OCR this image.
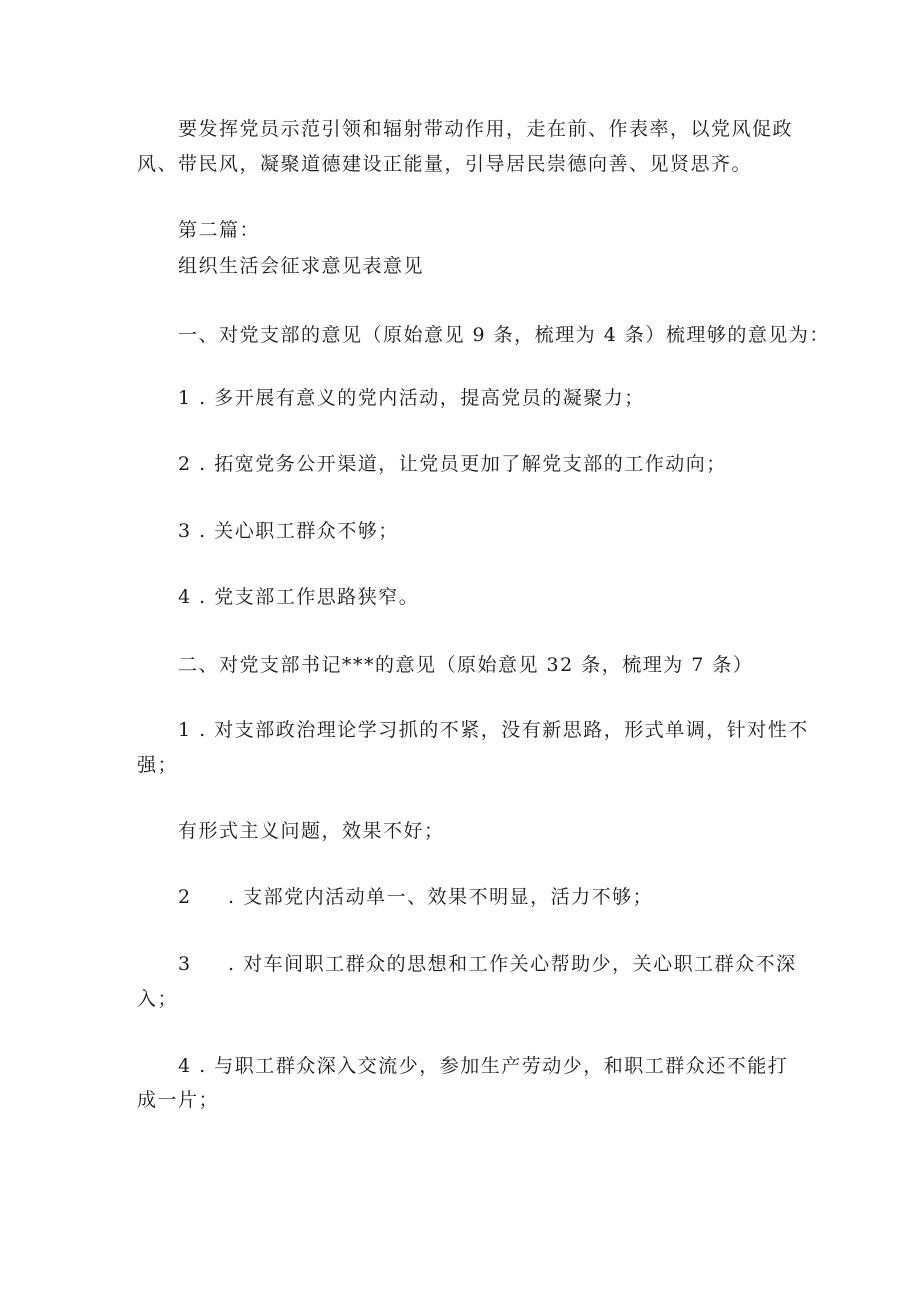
要发挥党员示范引领和辐射带动作用，走在前、作表率，以党风促政
风、带民风，凝聚道德建设正能量，引导居民崇德向善、见贤思齐。
第二篇：
组织生活会征求意见表意见
一、对党支部的意见（原始意见 9 条，梳理为 4 条）梳理够的意见为：
1 . 多开展有意义的党内活动，提高党员的凝聚力；
2 . 拓宽党务公开渠道，让党员更加了解党支部的工作动向；
3 . 关心职工群众不够；
4 . 党支部工作思路狭窄。
二、对党支部书记***的意见（原始意见 32 条，梳理为 7 条）
1 . 对支部政治理论学习抓的不紧，没有新思路，形式单调，针对性不
强；
有形式主义问题，效果不好；
2 . 支部党内活动单一、效果不明显，活力不够；
3 . 对车间职工群众的思想和工作关心帮助少，关心职工群众不深
入；
4 . 与职工群众深入交流少，参加生产劳动少，和职工群众还不能打
成一片；
